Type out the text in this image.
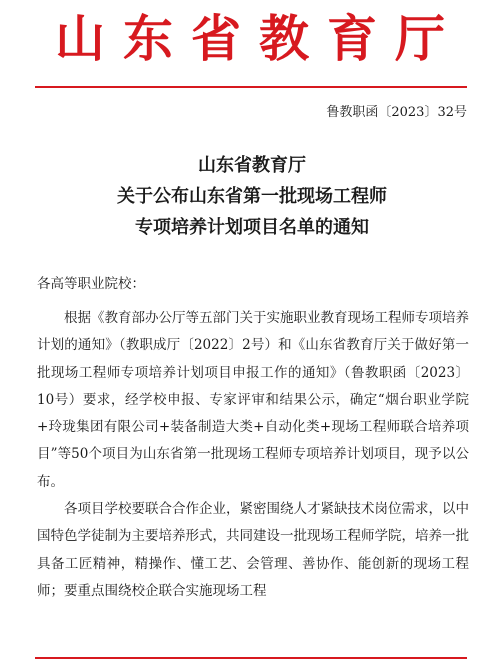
山东省教育厅
鲁教职函〔2023〕32号
山东省教育厅
关于公布山东省第一批现场工程师
专项培养计划项目名单的通知
各高等职业院校：

根据《教育部办公厅等五部门关于实施职业教育现场工程师专项培养计划的通知》（教职成厅〔2022〕2号）和《山东省教育厅关于做好第一批现场工程师专项培养计划项目申报工作的通知》（鲁教职函〔2023〕10号）要求，经学校申报、专家评审和结果公示，确定“烟台职业学院+玲珑集团有限公司+装备制造大类+自动化类+现场工程师联合培养项目”等50个项目为山东省第一批现场工程师专项培养计划项目，现予以公布。

各项目学校要联合合作企业，紧密围绕人才紧缺技术岗位需求，以中国特色学徒制为主要培养形式，共同建设一批现场工程师学院，培养一批具备工匠精神，精操作、懂工艺、会管理、善协作、能创新的现场工程师；要重点围绕校企联合实施现场工程
